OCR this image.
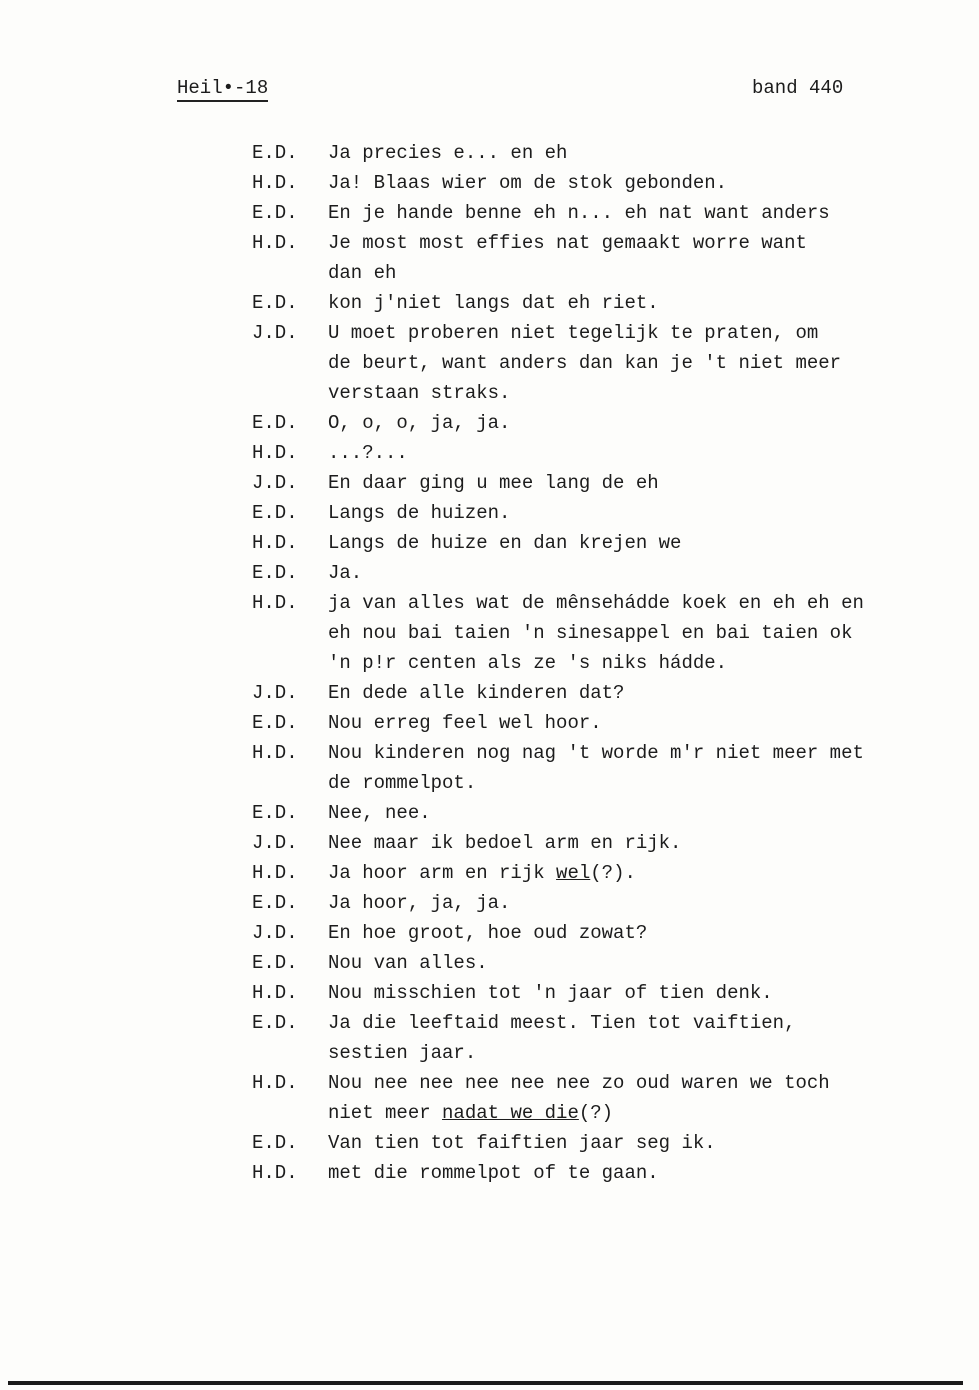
Heil•-18	band 440
E.D.	Ja precies e... en eh
H.D.	Ja! Blaas wier om de stok gebonden.
E.D.	En je hande benne eh n... eh nat want anders
H.D.	Je most most effies nat gemaakt worre want
dan eh
E.D.	kon j'niet langs dat eh riet.
J.D.	U moet proberen niet tegelijk te praten, om
de beurt, want anders dan kan je 't niet meer
verstaan straks.
E.D.	O, o, o, ja, ja.
H.D.	...?...
J.D.	En daar ging u mee lang de eh
E.D.	Langs de huizen.
H.D.	Langs de huize en dan krejen we
E.D.	Ja.
H.D.	ja van alles wat de mênsehádde koek en eh eh en
eh nou bai taien 'n sinesappel en bai taien ok
'n p!r centen als ze 's niks hádde.
J.D.	En dede alle kinderen dat?
E.D.	Nou erreg feel wel hoor.
H.D.	Nou kinderen nog nag 't worde m'r niet meer met
de rommelpot.
E.D.	Nee, nee.
J.D.	Nee maar ik bedoel arm en rijk.
H.D.	Ja hoor arm en rijk wel(?).
E.D.	Ja hoor, ja, ja.
J.D.	En hoe groot, hoe oud zowat?
E.D.	Nou van alles.
H.D.	Nou misschien tot 'n jaar of tien denk.
E.D.	Ja die leeftaid meest. Tien tot vaiftien,
sestien jaar.
H.D.	Nou nee nee nee nee nee zo oud waren we toch
niet meer nadat we die(?)
E.D.	Van tien tot faiftien jaar seg ik.
H.D.	met die rommelpot of te gaan.
